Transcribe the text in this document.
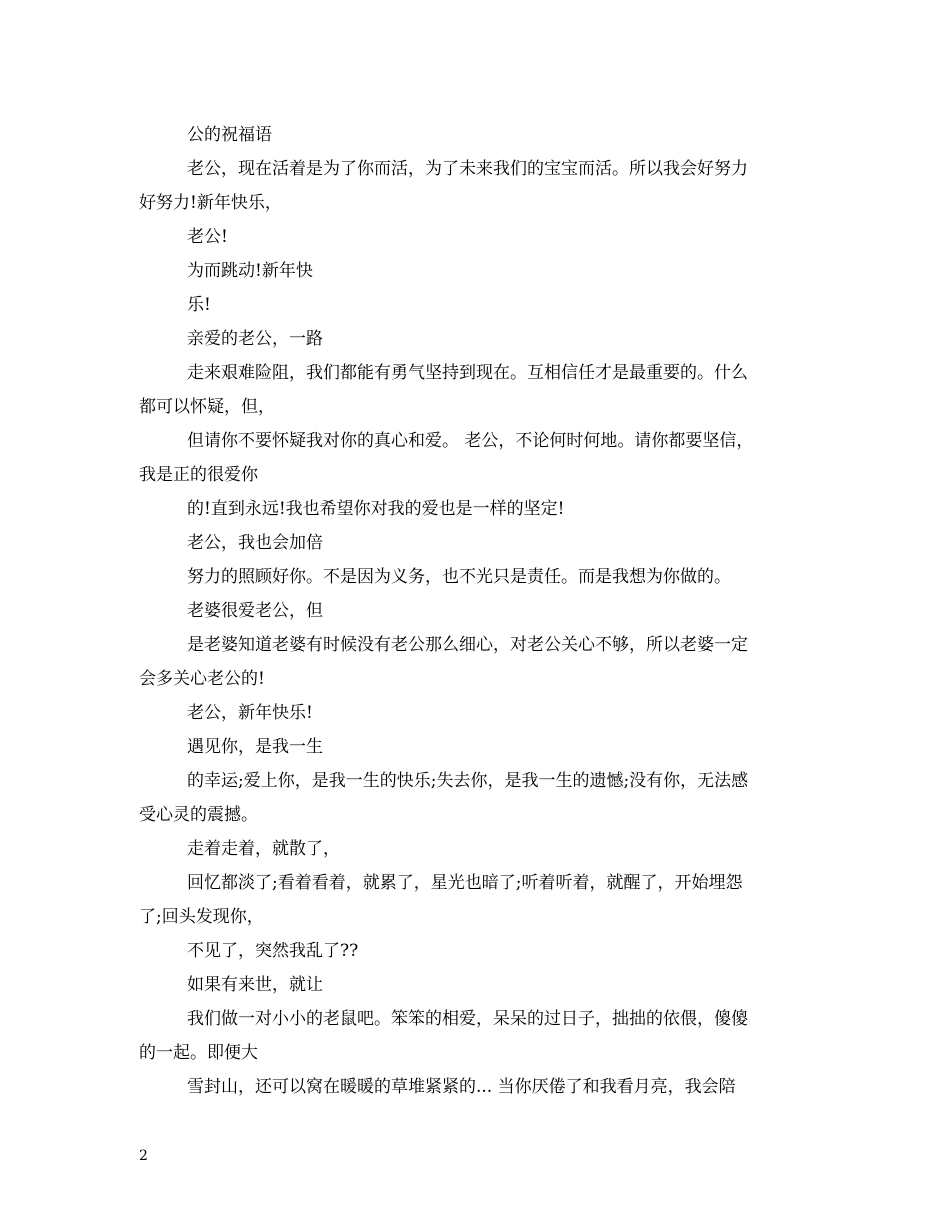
公的祝福语
老公，现在活着是为了你而活，为了未来我们的宝宝而活。所以我会好努力
好努力!新年快乐，
老公!
为而跳动!新年快
乐!
亲爱的老公，一路
走来艰难险阻，我们都能有勇气坚持到现在。互相信任才是最重要的。什么
都可以怀疑，但，
但请你不要怀疑我对你的真心和爱。 老公，不论何时何地。请你都要坚信，
我是正的很爱你
的!直到永远!我也希望你对我的爱也是一样的坚定!
老公，我也会加倍
努力的照顾好你。不是因为义务，也不光只是责任。而是我想为你做的。
老婆很爱老公，但
是老婆知道老婆有时候没有老公那么细心，对老公关心不够，所以老婆一定
会多关心老公的!
老公，新年快乐!
遇见你，是我一生
的幸运;爱上你，是我一生的快乐;失去你，是我一生的遗憾;没有你，无法感
受心灵的震撼。
走着走着，就散了，
回忆都淡了;看着看着，就累了，星光也暗了;听着听着，就醒了，开始埋怨
了;回头发现你，
不见了，突然我乱了??
如果有来世，就让
我们做一对小小的老鼠吧。笨笨的相爱，呆呆的过日子，拙拙的依偎，傻傻
的一起。即便大
雪封山，还可以窝在暖暖的草堆紧紧的... 当你厌倦了和我看月亮，我会陪
2
